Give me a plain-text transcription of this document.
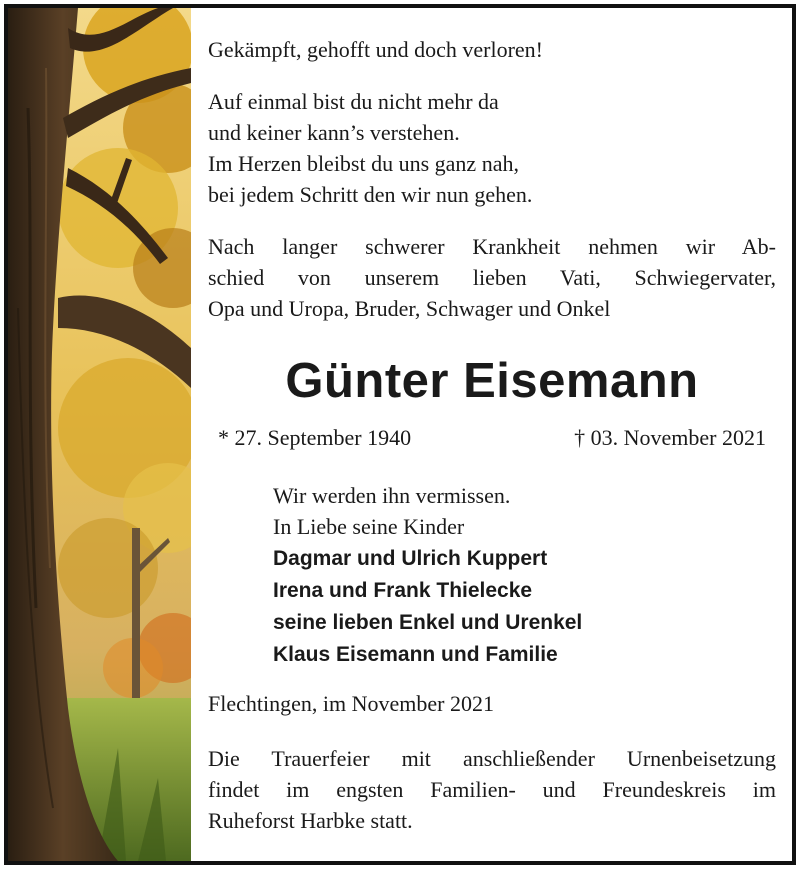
Gekämpft, gehofft und doch verloren!
Auf einmal bist du nicht mehr da
und keiner kann’s verstehen.
Im Herzen bleibst du uns ganz nah,
bei jedem Schritt den wir nun gehen.
Nach langer schwerer Krankheit nehmen wir Ab-
schied von unserem lieben Vati, Schwiegervater,
Opa und Uropa, Bruder, Schwager und Onkel
Günter Eisemann
* 27. September 1940	† 03. November 2021
Wir werden ihn vermissen.
In Liebe seine Kinder
Dagmar und Ulrich Kuppert
Irena und Frank Thielecke
seine lieben Enkel und Urenkel
Klaus Eisemann und Familie
Flechtingen, im November 2021
Die Trauerfeier mit anschließender Urnenbeisetzung
findet im engsten Familien- und Freundeskreis im
Ruheforst Harbke statt.
